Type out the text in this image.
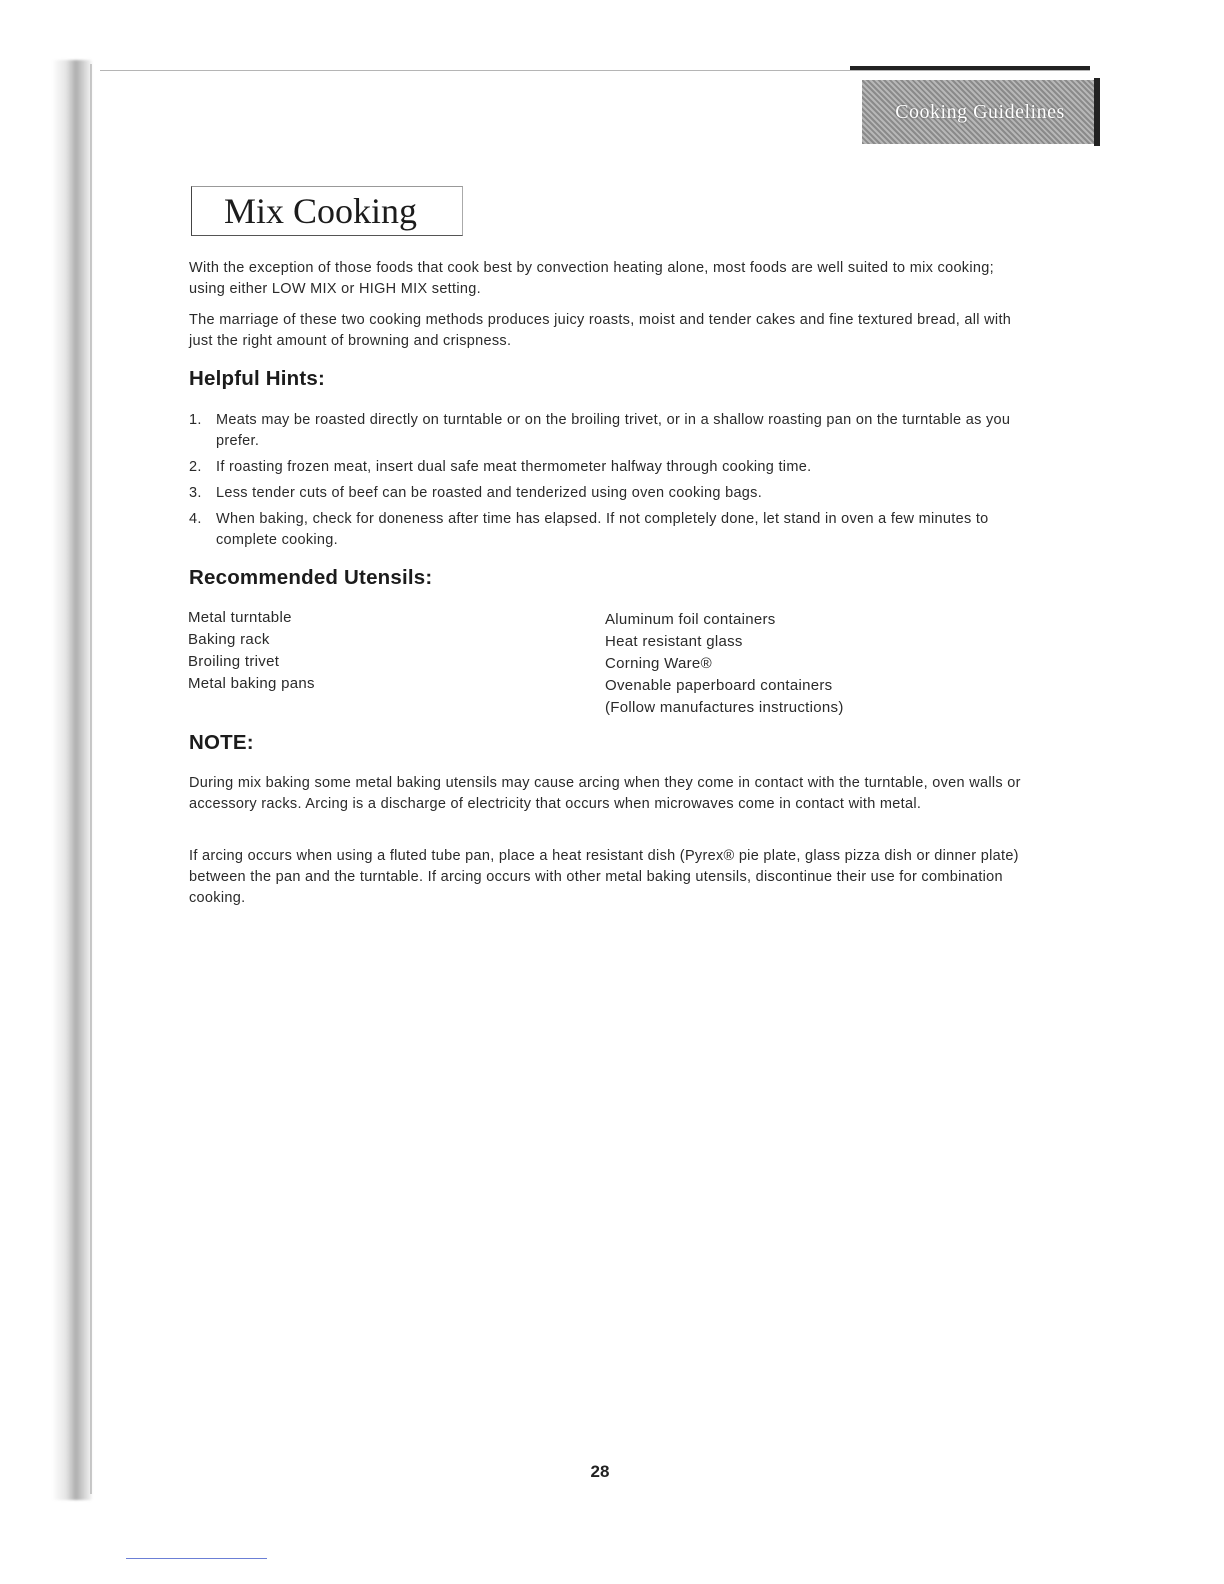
Cooking Guidelines
Mix Cooking

With the exception of those foods that cook best by convection heating alone, most foods are well suited to mix cooking; using either LOW MIX or HIGH MIX setting.

The marriage of these two cooking methods produces juicy roasts, moist and tender cakes and fine textured bread, all with just the right amount of browning and crispness.

Helpful Hints:
1. Meats may be roasted directly on turntable or on the broiling trivet, or in a shallow roasting pan on the turntable as you prefer.
2. If roasting frozen meat, insert dual safe meat thermometer halfway through cooking time.
3. Less tender cuts of beef can be roasted and tenderized using oven cooking bags.
4. When baking, check for doneness after time has elapsed. If not completely done, let stand in oven a few minutes to complete cooking.
Recommended Utensils:
Metal turntable
Baking rack
Broiling trivet
Metal baking pans
Aluminum foil containers
Heat resistant glass
Corning Ware®
Ovenable paperboard containers
(Follow manufactures instructions)
NOTE:

During mix baking some metal baking utensils may cause arcing when they come in contact with the turntable, oven walls or accessory racks. Arcing is a discharge of electricity that occurs when microwaves come in contact with metal.

If arcing occurs when using a fluted tube pan, place a heat resistant dish (Pyrex® pie plate, glass pizza dish or dinner plate) between the pan and the turntable. If arcing occurs with other metal baking utensils, discontinue their use for combination cooking.

28
